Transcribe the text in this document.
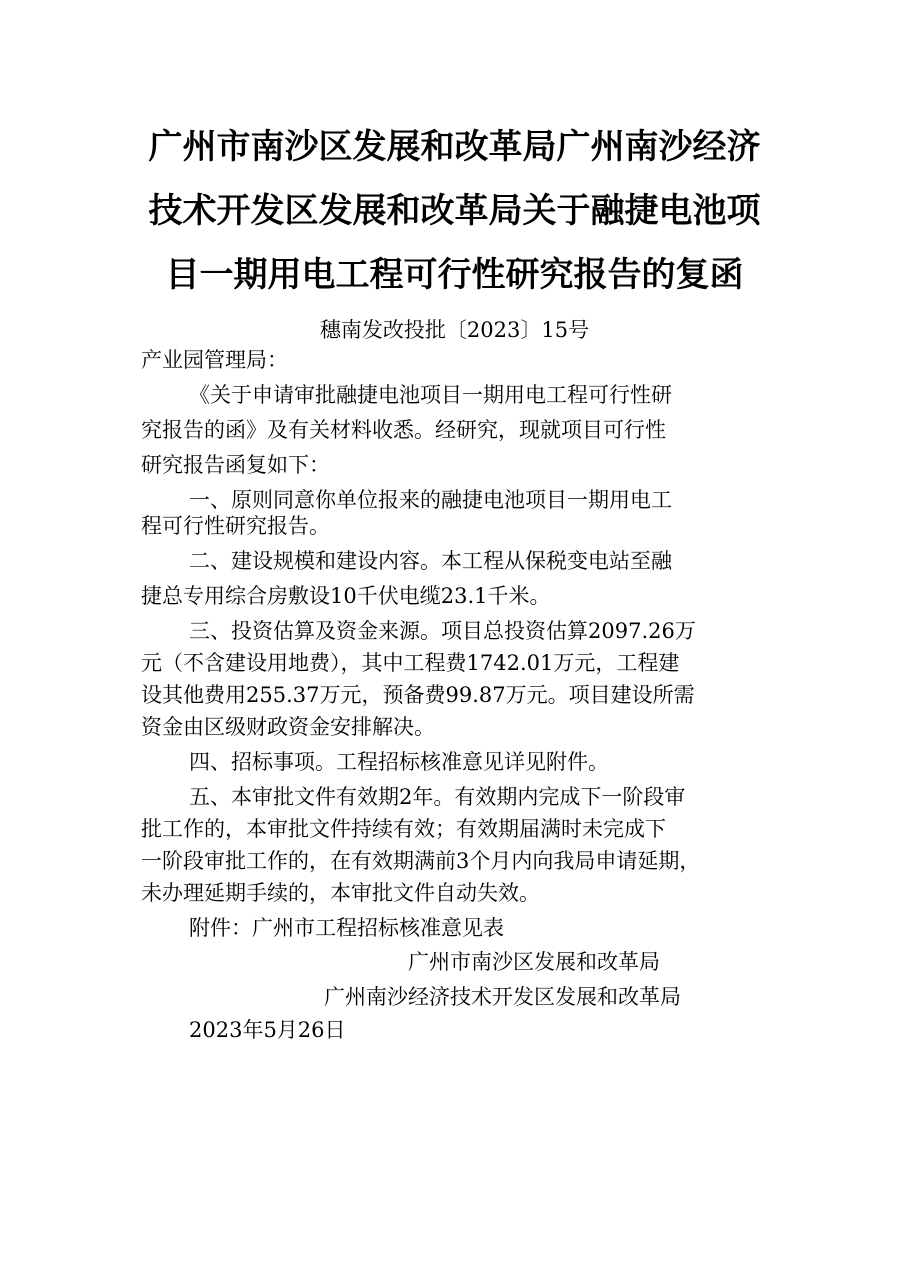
广州市南沙区发展和改革局广州南沙经济
技术开发区发展和改革局关于融捷电池项
目一期用电工程可行性研究报告的复函
穗南发改投批〔2023〕15号
产业园管理局：
《关于申请审批融捷电池项目一期用电工程可行性研
究报告的函》及有关材料收悉。经研究，现就项目可行性
研究报告函复如下：
一、原则同意你单位报来的融捷电池项目一期用电工
程可行性研究报告。
二、建设规模和建设内容。本工程从保税变电站至融
捷总专用综合房敷设10千伏电缆23.1千米。
三、投资估算及资金来源。项目总投资估算2097.26万
元（不含建设用地费），其中工程费1742.01万元，工程建
设其他费用255.37万元，预备费99.87万元。项目建设所需
资金由区级财政资金安排解决。
四、招标事项。工程招标核准意见详见附件。
五、本审批文件有效期2年。有效期内完成下一阶段审
批工作的，本审批文件持续有效；有效期届满时未完成下
一阶段审批工作的，在有效期满前3个月内向我局申请延期，
未办理延期手续的，本审批文件自动失效。
附件：广州市工程招标核准意见表
广州市南沙区发展和改革局
广州南沙经济技术开发区发展和改革局
2023年5月26日
